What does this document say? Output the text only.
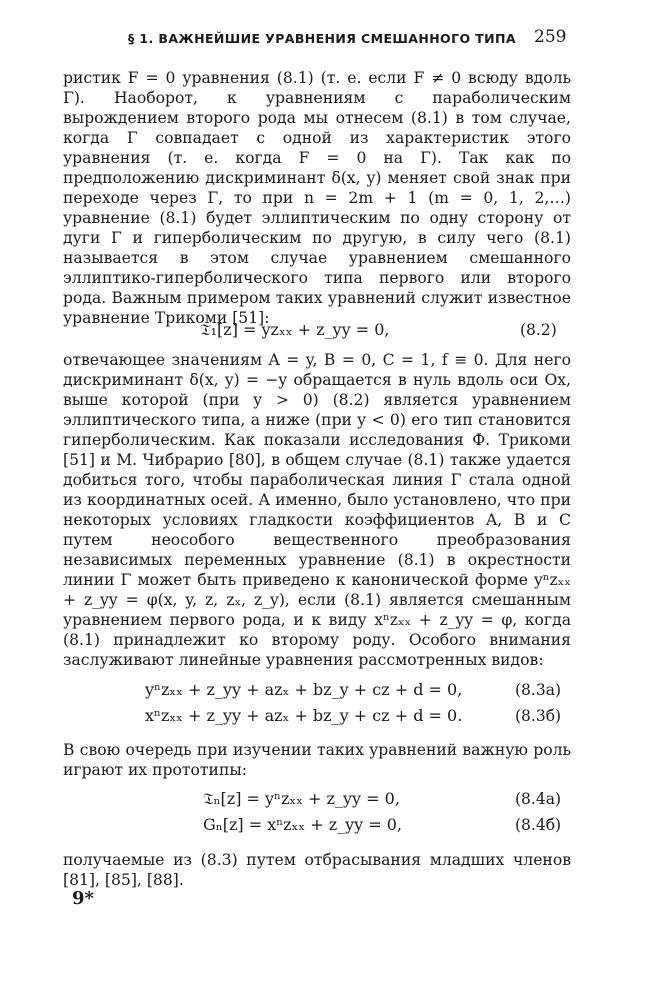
§ 1. ВАЖНЕЙШИЕ УРАВНЕНИЯ СМЕШАННОГО ТИПА 259

ристик F = 0 уравнения (8.1) (т. е. если F ≠ 0 всюду вдоль Γ). Наоборот, к уравнениям с параболическим вырождением второго рода мы отнесем (8.1) в том случае, когда Γ совпадает с одной из характеристик этого уравнения (т. е. когда F = 0 на Γ). Так как по предположению дискриминант δ(x, y) меняет свой знак при переходе через Γ, то при n = 2m + 1 (m = 0, 1, 2,…) уравнение (8.1) будет эллиптическим по одну сторону от дуги Γ и гиперболическим по другую, в силу чего (8.1) называется в этом случае уравнением смешанного эллиптико-гиперболического типа первого или второго рода. Важным примером таких уравнений служит известное уравнение Трикоми [51]:

𝔗₁[z] = yzₓₓ + z_yy = 0,	(8.2)

отвечающее значениям A = y, B = 0, C = 1, f ≡ 0. Для него дискриминант δ(x, y) = −y обращается в нуль вдоль оси Ox, выше которой (при y > 0) (8.2) является уравнением эллиптического типа, а ниже (при y < 0) его тип становится гиперболическим. Как показали исследования Ф. Трикоми [51] и М. Чибрарио [80], в общем случае (8.1) также удается добиться того, чтобы параболическая линия Γ стала одной из координатных осей. А именно, было установлено, что при некоторых условиях гладкости коэффициентов A, B и C путем неособого вещественного преобразования независимых переменных уравнение (8.1) в окрестности линии Γ может быть приведено к канонической форме yⁿzₓₓ + z_yy = φ(x, y, z, zₓ, z_y), если (8.1) является смешанным уравнением первого рода, и к виду xⁿzₓₓ + z_yy = φ, когда (8.1) принадлежит ко второму роду. Особого внимания заслуживают линейные уравнения рассмотренных видов:

yⁿzₓₓ + z_yy + azₓ + bz_y + cz + d = 0,	(8.3а)
xⁿzₓₓ + z_yy + azₓ + bz_y + cz + d = 0.	(8.3б)

В свою очередь при изучении таких уравнений важную роль играют их прототипы:

𝔗ₙ[z] = yⁿzₓₓ + z_yy = 0,	(8.4а)
Gₙ[z] = xⁿzₓₓ + z_yy = 0,	(8.4б)

получаемые из (8.3) путем отбрасывания младших членов [81], [85], [88].

9*
